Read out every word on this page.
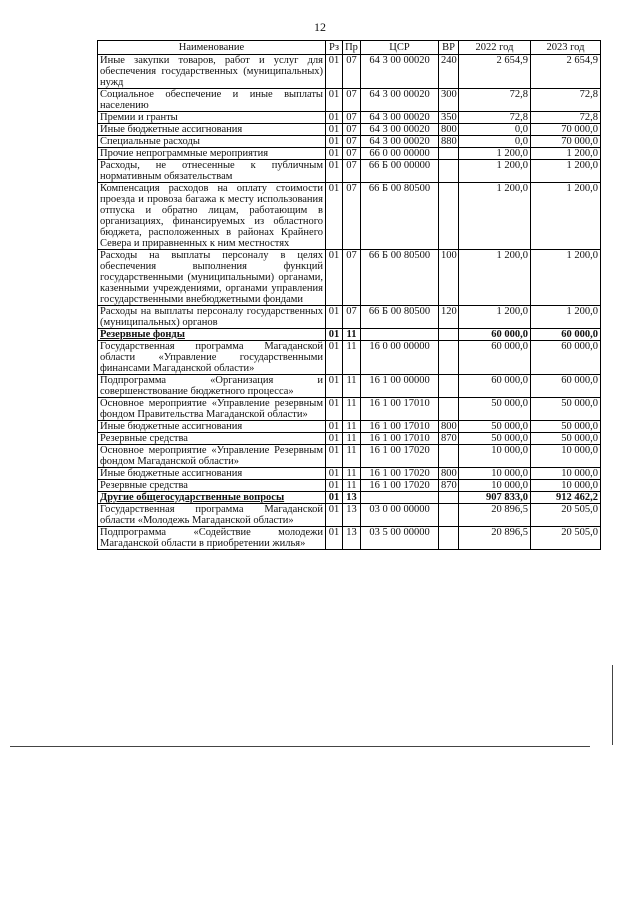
12
Наименование	Рз	Пр	ЦСР	ВР	2022 год	2023 год
Иные закупки товаров, работ и услуг для обеспечения государственных (муниципальных) нужд	01	07	64 3 00 00020	240	2 654,9	2 654,9
Социальное обеспечение и иные выплаты населению	01	07	64 3 00 00020	300	72,8	72,8
Премии и гранты	01	07	64 3 00 00020	350	72,8	72,8
Иные бюджетные ассигнования	01	07	64 3 00 00020	800	0,0	70 000,0
Специальные расходы	01	07	64 3 00 00020	880	0,0	70 000,0
Прочие непрограммные мероприятия	01	07	66 0 00 00000		1 200,0	1 200,0
Расходы, не отнесенные к публичным нормативным обязательствам	01	07	66 Б 00 00000		1 200,0	1 200,0
Компенсация расходов на оплату стоимости проезда и провоза багажа к месту использования отпуска и обратно лицам, работающим в организациях, финансируемых из областного бюджета, расположенных в районах Крайнего Севера и приравненных к ним местностях	01	07	66 Б 00 80500		1 200,0	1 200,0
Расходы на выплаты персоналу в целях обеспечения выполнения функций государственными (муниципальными) органами, казенными учреждениями, органами управления государственными внебюджетными фондами	01	07	66 Б 00 80500	100	1 200,0	1 200,0
Расходы на выплаты персоналу государственных (муниципальных) органов	01	07	66 Б 00 80500	120	1 200,0	1 200,0
Резервные фонды	01	11			60 000,0	60 000,0
Государственная программа Магаданской области «Управление государственными финансами Магаданской области»	01	11	16 0 00 00000		60 000,0	60 000,0
Подпрограмма «Организация и совершенствование бюджетного процесса»	01	11	16 1 00 00000		60 000,0	60 000,0
Основное мероприятие «Управление резервным фондом Правительства Магаданской области»	01	11	16 1 00 17010		50 000,0	50 000,0
Иные бюджетные ассигнования	01	11	16 1 00 17010	800	50 000,0	50 000,0
Резервные средства	01	11	16 1 00 17010	870	50 000,0	50 000,0
Основное мероприятие «Управление Резервным фондом Магаданской области»	01	11	16 1 00 17020		10 000,0	10 000,0
Иные бюджетные ассигнования	01	11	16 1 00 17020	800	10 000,0	10 000,0
Резервные средства	01	11	16 1 00 17020	870	10 000,0	10 000,0
Другие общегосударственные вопросы	01	13			907 833,0	912 462,2
Государственная программа Магаданской области «Молодежь Магаданской области»	01	13	03 0 00 00000		20 896,5	20 505,0
Подпрограмма «Содействие молодежи Магаданской области в приобретении жилья»	01	13	03 5 00 00000		20 896,5	20 505,0
